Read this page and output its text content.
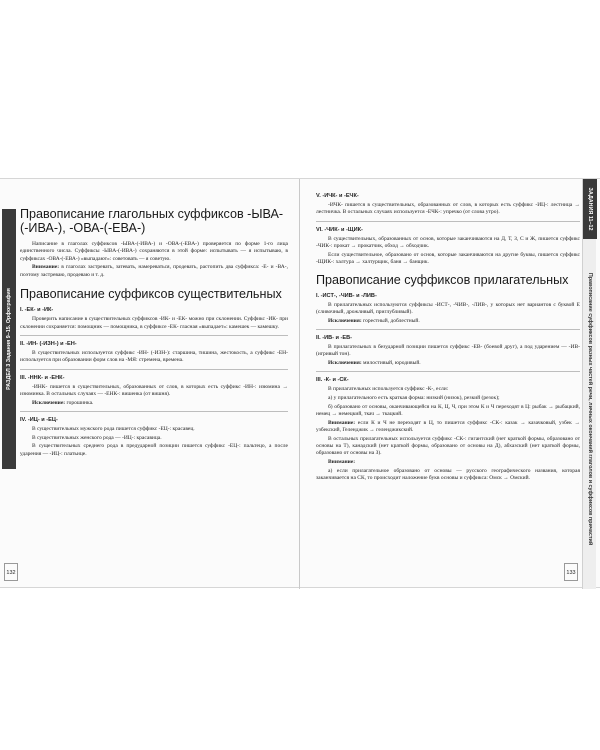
РАЗДЕЛ 3 Задания 9–15. Орфография
Правописание глагольных суффиксов -ЫВА-(-ИВА-), -ОВА-(-ЕВА-)

Написание в глаголах суффиксов -ЫВА-(-ИВА-) и -ОВА-(-ЕВА-) проверяется по форме 1-го лица единственного числа. Суффиксы -ЫВА-(-ИВА-) сохраняются в этой форме: испытывать — я испытываю, в суффиксах -ОВА-(-ЕВА-) «выпадают»: советовать — я советую.

Внимание: в глаголах застревать, затевать, намереваться, продевать, растопить два суффикса: -Е- и -ВА-, поэтому застреваю, продеваю и т. д.

Правописание суффиксов существительных
I. -ЕК- и -ИК-

Проверить написание в существительных суффиксов -ИК- и -ЕК- можно при склонении. Суффикс -ИК- при склонении сохраняется: помощник — помощника, в суффиксе -ЕК- гласная «выпадает»: камешек — камешку.

II. -ИН- (-ИЗН-) и -ЕН-

В существительных используется суффикс -ИН- (-ИЗН-): старшина, тишина, жестокость, а суффикс -ЕН- используется при образовании форм слов на -МЯ: стремена, времена.

III. -ННК- и -ЕНК-

-ИНК- пишется в существительных, образованных от слов, в которых есть суффикс -ИН-: изюмина → изюминка. В остальных случаях — -ЕНК-: вишенка (от вишня).

Исключение: горошинка.

IV. -ИЦ- и -ЕЦ-

В существительных мужского рода пишется суффикс -ЕЦ-: красавец.

В существительных женского рода — -ИЦ-: красавица.

В существительных среднего рода в предударной позиции пишется суффикс -ЕЦ-: пальтецо, а после ударения — -ИЦ-: платьице.

132
V. -ИЧК- и -ЕЧК-

-ИЧК- пишется в существительных, образованных от слов, в которых есть суффикс -ИЦ-: лестница → лестничка. В остальных случаях используется -ЕЧК-: упречко (от слова утро).

VI. -ЧИК- и -ЩИК-

В существительных, образованных от основ, которые заканчиваются на Д, Т, З, С и Ж, пишется суффикс -ЧИК-: прокат → прокатчик, обход → обходчик.

Если существительное, образовано от основ, которые заканчиваются на другие буквы, пишется суффикс -ЩИК-: халтура → халтурщик, баня → банщик.

Правописание суффиксов прилагательных
I. -ИСТ-, -ЧИВ- и -ЛИВ-

В прилагательных используются суффиксы -ИСТ-, -ЧИВ-, -ЛИВ-, у которых нет вариантов с буквой Е (сливочный, дрожливый, приглубливый).

Исключения: горестный, доблестный.

II. -ИВ- и -ЕВ-

В прилагательных в безударной позиции пишется суффикс -ЕВ- (боевой друг), а под ударением — -ИВ- (игривый тон).

Исключения: милостивый, юродивый.

III. -К- и -СК-

В прилагательных используется суффикс -К-, если:

а) у прилагательного есть краткая форма: низкий (низок), резкий (резок);

б) образовано от основы, оканчивающейся на К, Ц, Ч, при этом К и Ч переходят в Ц: рыбак → рыбацкий, немец → немецкий, ткач → ткацкий.

Внимание: если К и Ч не переходят в Ц, то пишется суффикс -СК-: казак → казачковый, узбек → узбекский, Геленджик → геленджикский.

В остальных прилагательных используется суффикс -СК-: гигантский (нет краткой формы, образовано от основы на Т), канадский (нет краткой формы, образовано от основы на Д), абхазский (нет краткой формы, образовано от основы на З).

Внимание:

а) если прилагательное образовано от основы — русского географического названия, которая заканчивается на СК, то происходит наложение букв основы и суффикса: Омск → Омский.

ЗАДАНИЯ 11–12
Правописание суффиксов разных частей речи, личных окончаний глаголов и суффиксов причастий
133
